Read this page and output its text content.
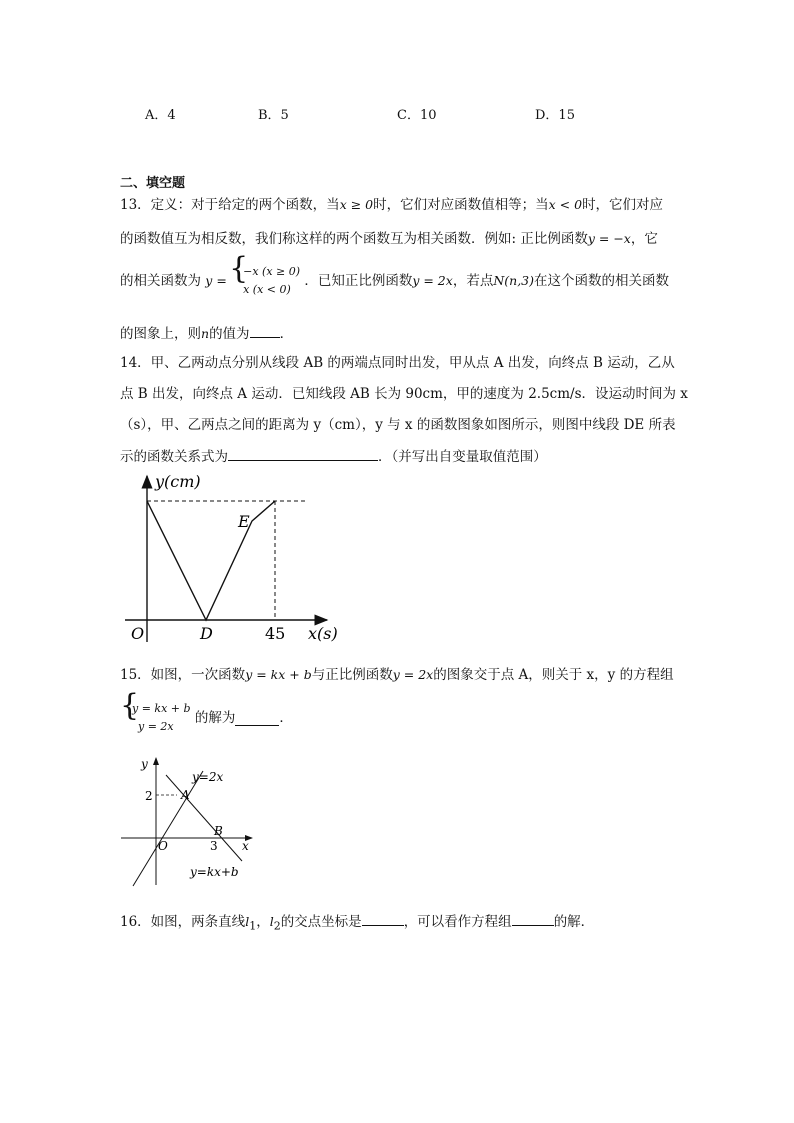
A．4	B．5	C．10	D．15
二、填空题
13．定义：对于给定的两个函数，当x ≥ 0时，它们对应函数值相等；当x < 0时，它们对应
的函数值互为相反数，我们称这样的两个函数互为相关函数．例如: 正比例函数y = −x，它
的相关函数为 y = {
−x (x ≥ 0)
x (x < 0)
．已知正比例函数y = 2x，若点N(n,3)在这个函数的相关函数
的图象上，则n的值为 ．
14．甲、乙两动点分别从线段 AB 的两端点同时出发，甲从点 A 出发，向终点 B 运动，乙从
点 B 出发，向终点 A 运动．已知线段 AB 长为 90cm，甲的速度为 2.5cm/s．设运动时间为 x
（s），甲、乙两点之间的距离为 y（cm），y 与 x 的函数图象如图所示，则图中线段 DE 所表
示的函数关系式为	．（并写出自变量取值范围）
y(cm)
x(s)
O	D
E
45
15．如图，一次函数y = kx + b与正比例函数y = 2x的图象交于点 A，则关于 x，y 的方程组
{
y = kx + b
y = 2x
的解为	．
y
x
O
y=2x
y=kx+b
A
B
2
3
16．如图，两条直线$l_1$，$l_2$的交点坐标是	，可以看作方程组	的解．
